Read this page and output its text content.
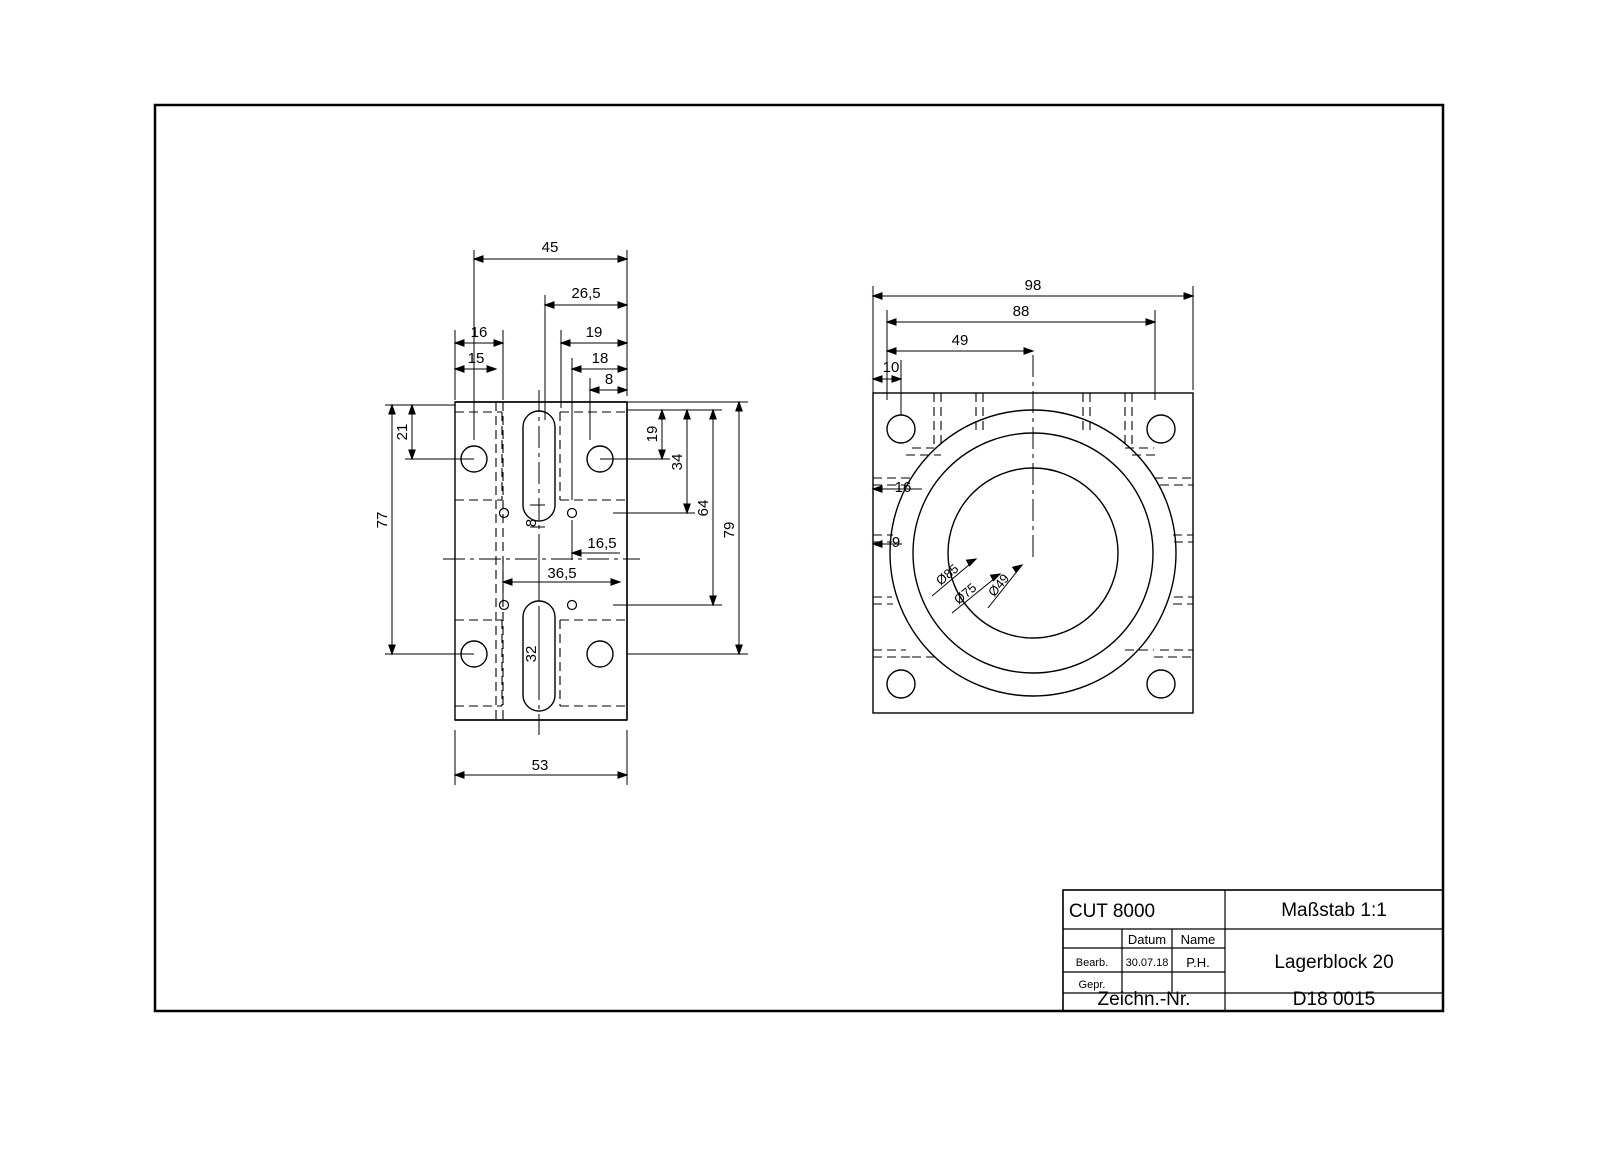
45
26,5
16
15
19
18
8
21
77
19
34
64
79
8
16,5
36,5
32
53
98
88
49
10
16
9
Ø85
Ø75 Ø49
CUT 8000	Maßstab 1:1
Datum Name
Bearb. 30.07.18 P.H.
Gepr.
Lagerblock 20
Zeichn.-Nr.	D18 0015
